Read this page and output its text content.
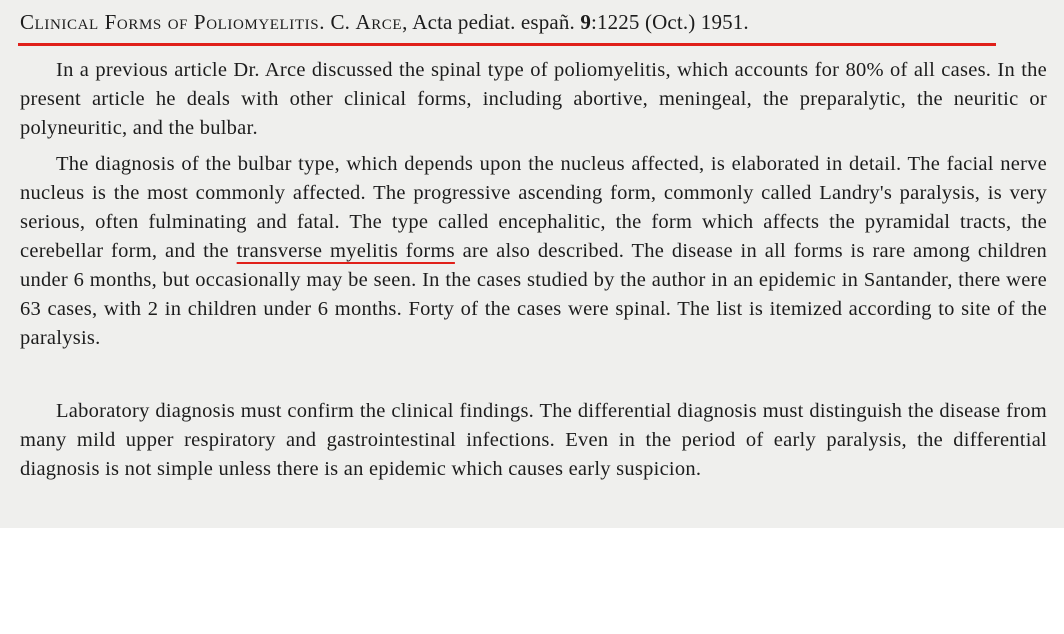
Clinical Forms of Poliomyelitis. C. Arce, Acta pediat. españ. 9:1225 (Oct.) 1951.

In a previous article Dr. Arce discussed the spinal type of poliomyelitis, which accounts for 80% of all cases. In the present article he deals with other clinical forms, including abortive, meningeal, the preparalytic, the neuritic or polyneuritic, and the bulbar.

The diagnosis of the bulbar type, which depends upon the nucleus affected, is elaborated in detail. The facial nerve nucleus is the most commonly affected. The progressive ascending form, commonly called Landry's paralysis, is very serious, often fulminating and fatal. The type called encephalitic, the form which affects the pyramidal tracts, the cerebellar form, and the transverse myelitis forms are also described. The disease in all forms is rare among children under 6 months, but occasionally may be seen. In the cases studied by the author in an epidemic in Santander, there were 63 cases, with 2 in children under 6 months. Forty of the cases were spinal. The list is itemized according to site of the paralysis.

Laboratory diagnosis must confirm the clinical findings. The differential diagnosis must distinguish the disease from many mild upper respiratory and gastrointestinal infections. Even in the period of early paralysis, the differential diagnosis is not simple unless there is an epidemic which causes early suspicion.
